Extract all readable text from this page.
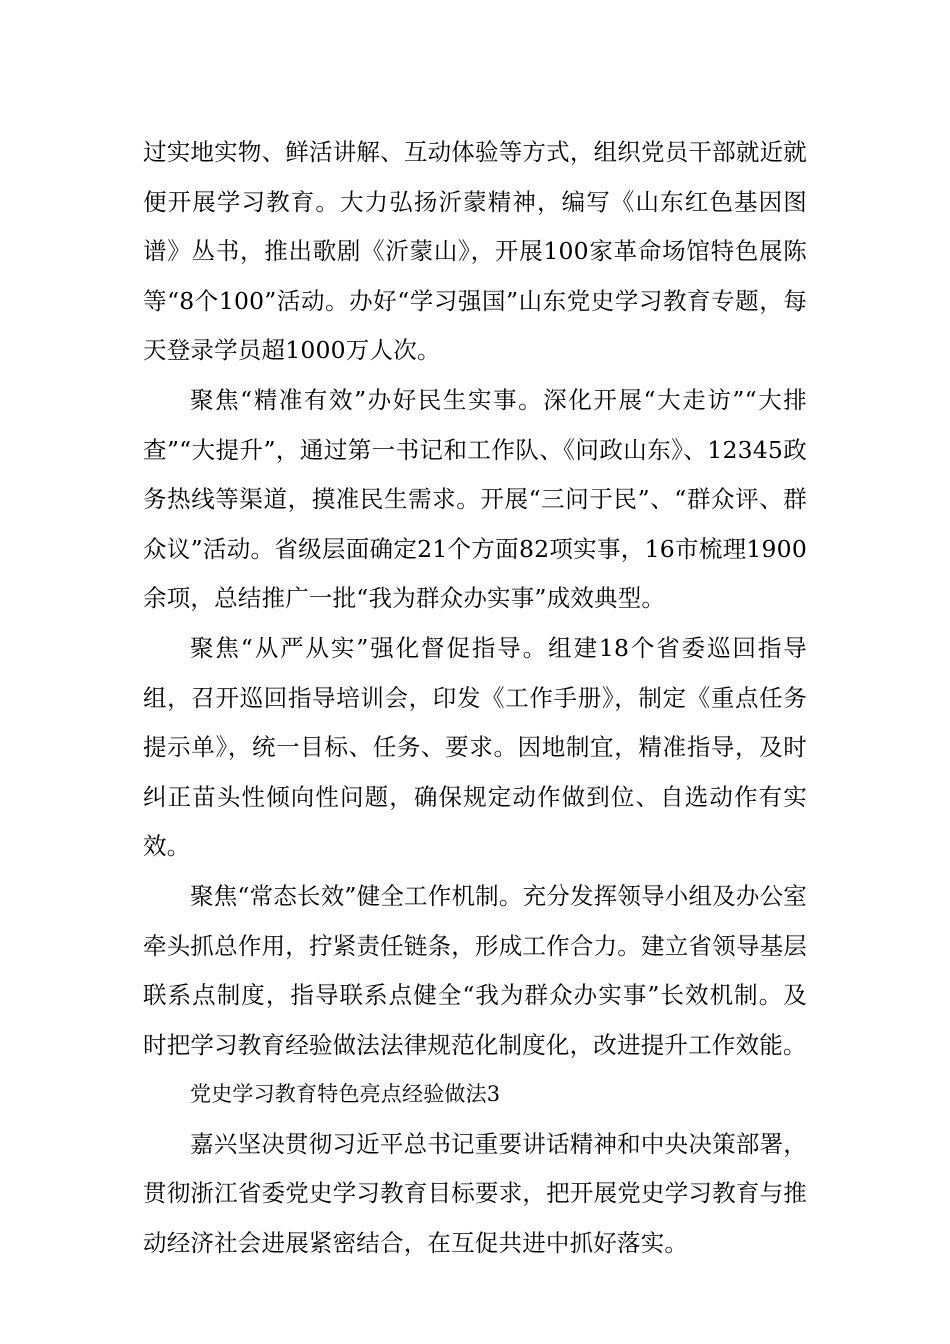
过实地实物、鲜活讲解、互动体验等方式，组织党员干部就近就便开展学习教育。大力弘扬沂蒙精神，编写《山东红色基因图谱》丛书，推出歌剧《沂蒙山》，开展100家革命场馆特色展陈等“8个100”活动。办好“学习强国”山东党史学习教育专题，每天登录学员超1000万人次。

聚焦“精准有效”办好民生实事。深化开展“大走访”“大排查”“大提升”，通过第一书记和工作队、《问政山东》、12345政务热线等渠道，摸准民生需求。开展“三问于民”、“群众评、群众议”活动。省级层面确定21个方面82项实事，16市梳理1900余项，总结推广一批“我为群众办实事”成效典型。

聚焦“从严从实”强化督促指导。组建18个省委巡回指导组，召开巡回指导培训会，印发《工作手册》，制定《重点任务提示单》，统一目标、任务、要求。因地制宜，精准指导，及时纠正苗头性倾向性问题，确保规定动作做到位、自选动作有实效。

聚焦“常态长效”健全工作机制。充分发挥领导小组及办公室牵头抓总作用，拧紧责任链条，形成工作合力。建立省领导基层联系点制度，指导联系点健全“我为群众办实事”长效机制。及时把学习教育经验做法法律规范化制度化，改进提升工作效能。

党史学习教育特色亮点经验做法3

嘉兴坚决贯彻习近平总书记重要讲话精神和中央决策部署，贯彻浙江省委党史学习教育目标要求，把开展党史学习教育与推动经济社会进展紧密结合，在互促共进中抓好落实。
